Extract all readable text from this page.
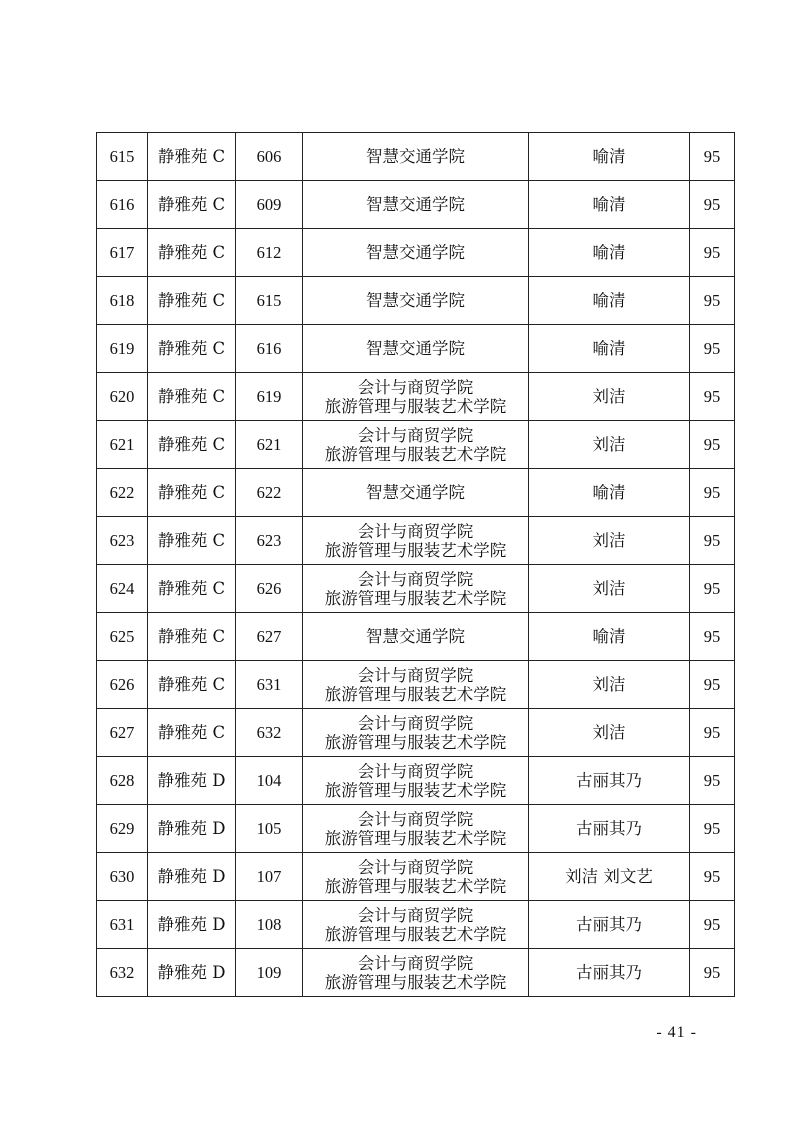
615	静雅苑 C	606	智慧交通学院	喻清	95
616	静雅苑 C	609	智慧交通学院	喻清	95
617	静雅苑 C	612	智慧交通学院	喻清	95
618	静雅苑 C	615	智慧交通学院	喻清	95
619	静雅苑 C	616	智慧交通学院	喻清	95
620	静雅苑 C	619	会计与商贸学院
旅游管理与服装艺术学院	刘洁	95
621	静雅苑 C	621	会计与商贸学院
旅游管理与服装艺术学院	刘洁	95
622	静雅苑 C	622	智慧交通学院	喻清	95
623	静雅苑 C	623	会计与商贸学院
旅游管理与服装艺术学院	刘洁	95
624	静雅苑 C	626	会计与商贸学院
旅游管理与服装艺术学院	刘洁	95
625	静雅苑 C	627	智慧交通学院	喻清	95
626	静雅苑 C	631	会计与商贸学院
旅游管理与服装艺术学院	刘洁	95
627	静雅苑 C	632	会计与商贸学院
旅游管理与服装艺术学院	刘洁	95
628	静雅苑 D	104	会计与商贸学院
旅游管理与服装艺术学院	古丽其乃	95
629	静雅苑 D	105	会计与商贸学院
旅游管理与服装艺术学院	古丽其乃	95
630	静雅苑 D	107	会计与商贸学院
旅游管理与服装艺术学院	刘洁 刘文艺	95
631	静雅苑 D	108	会计与商贸学院
旅游管理与服装艺术学院	古丽其乃	95
632	静雅苑 D	109	会计与商贸学院
旅游管理与服装艺术学院	古丽其乃	95
- 41 -
